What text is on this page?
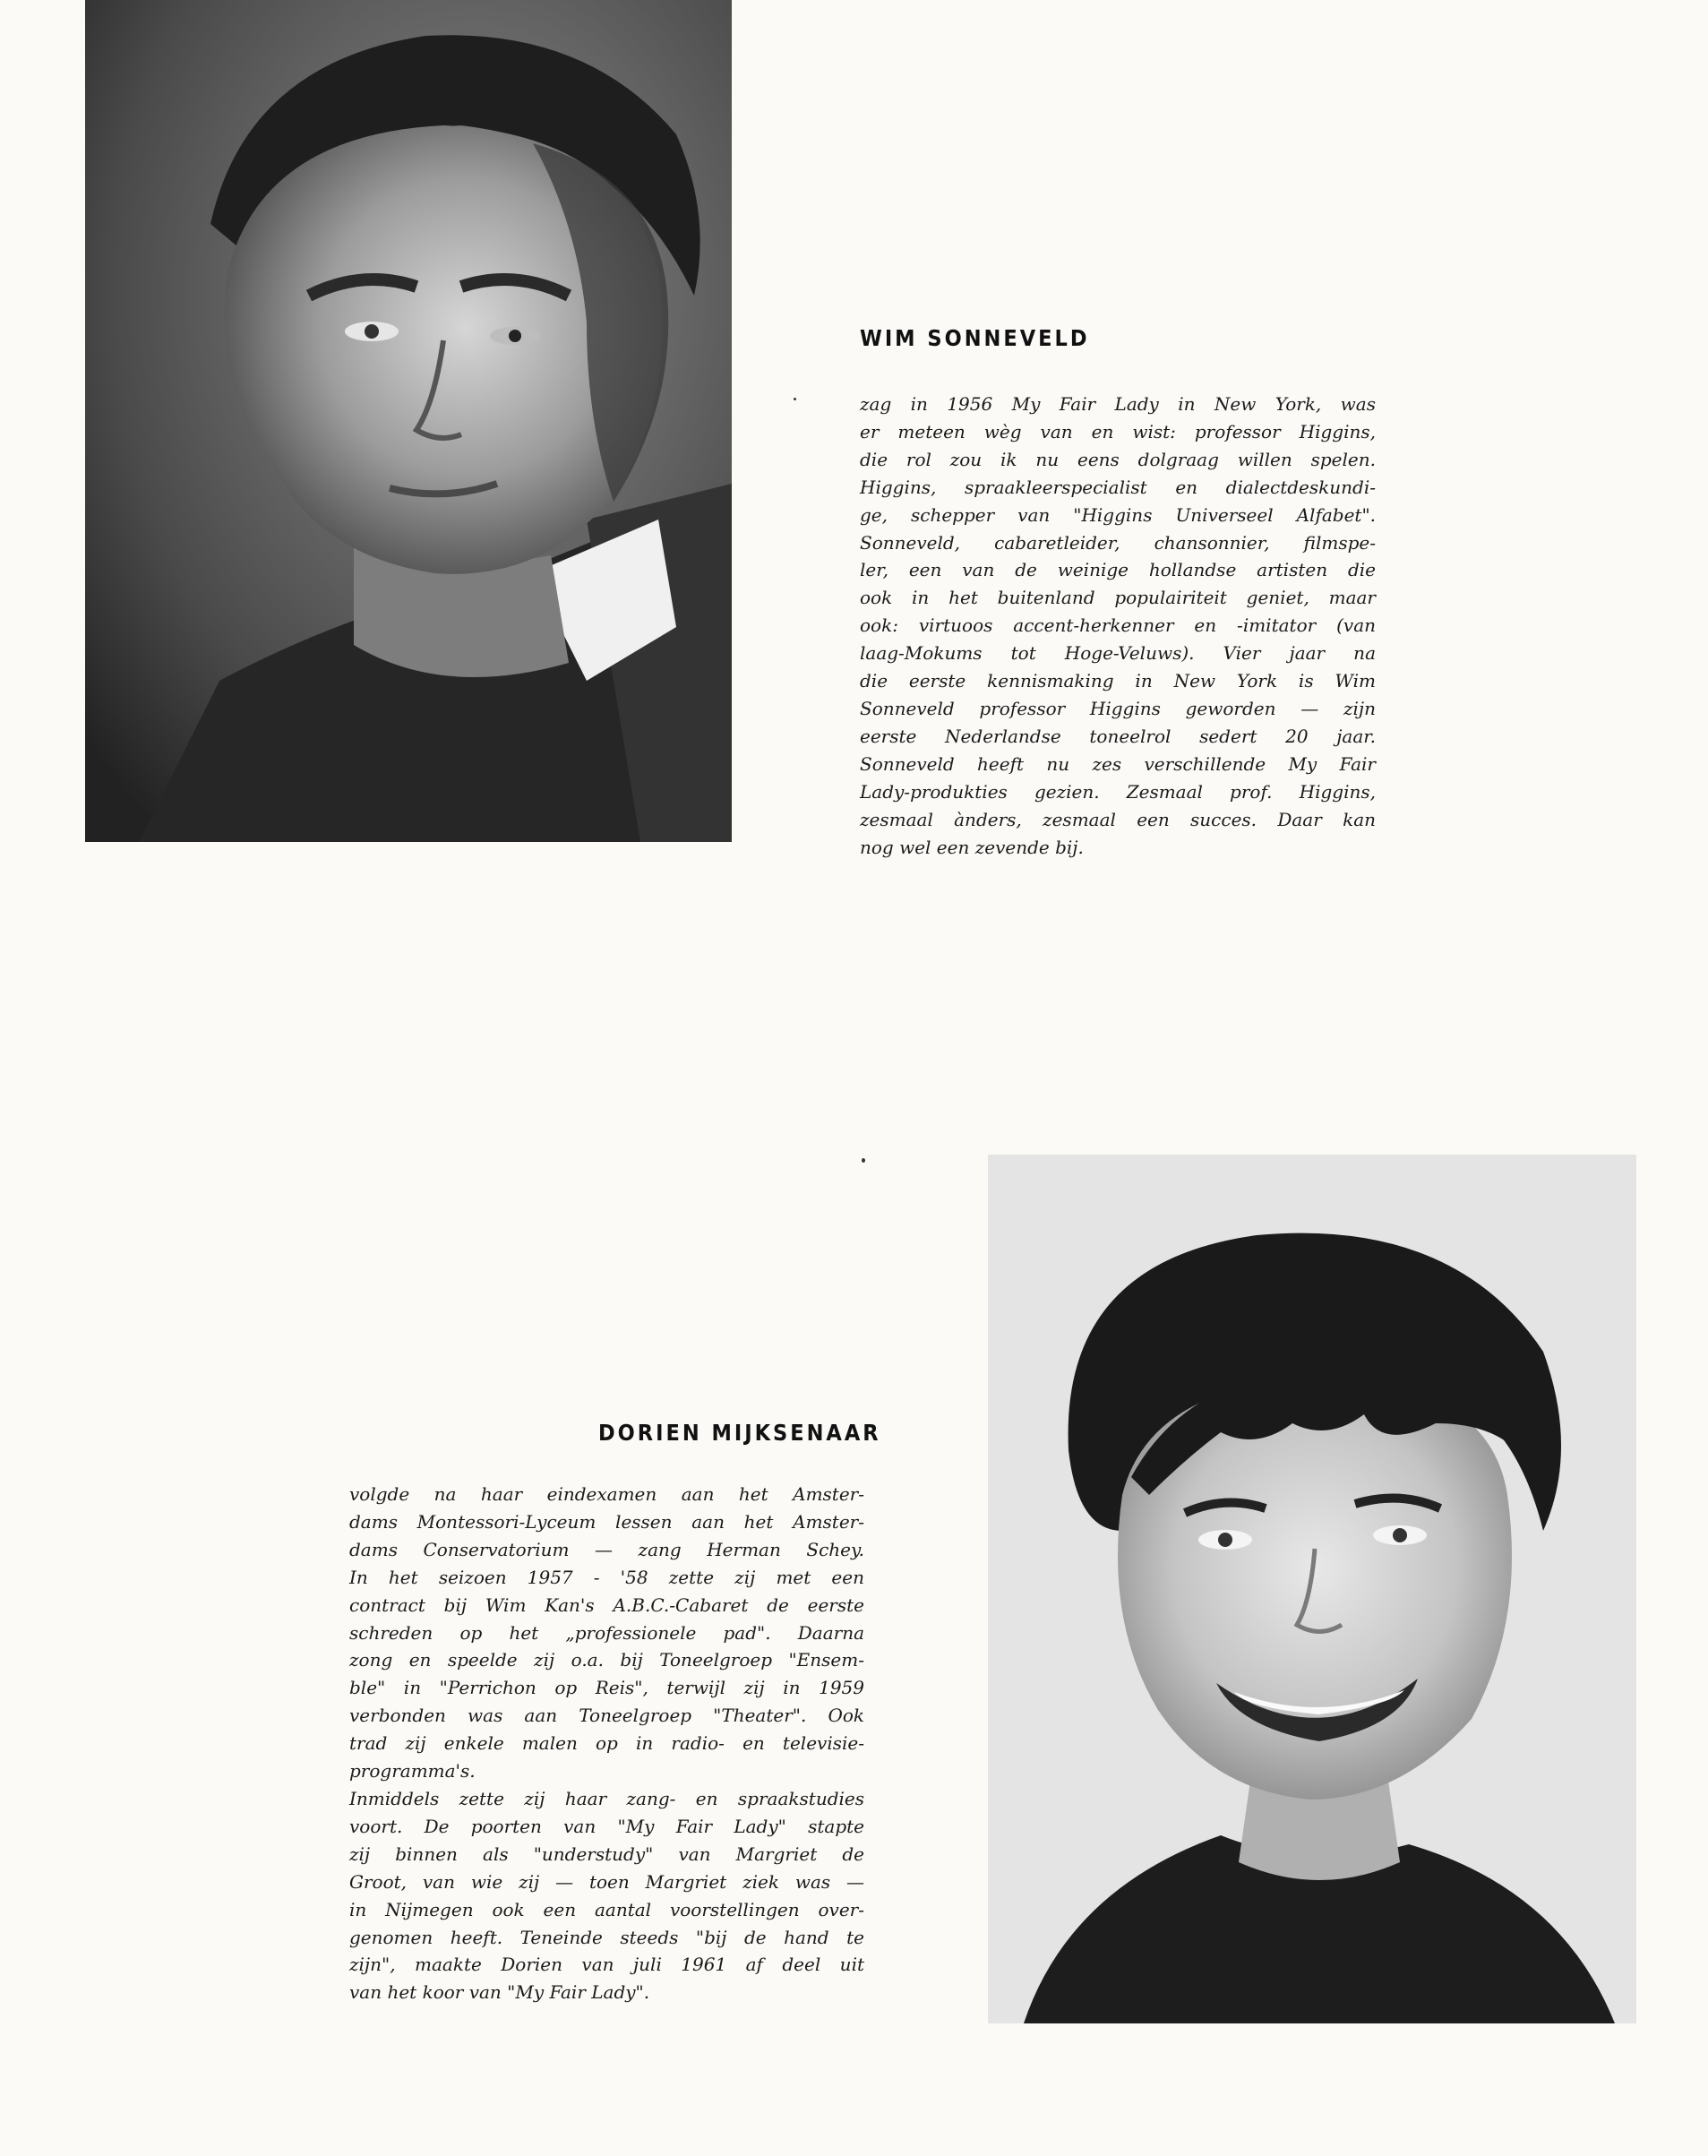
WIM SONNEVELD
zag in 1956 My Fair Lady in New York, was
er meteen wèg van en wist: professor Higgins,
die rol zou ik nu eens dolgraag willen spelen.
Higgins, spraakleerspecialist en dialectdeskundi-
ge, schepper van "Higgins Universeel Alfabet".
Sonneveld, cabaretleider, chansonnier, filmspe-
ler, een van de weinige hollandse artisten die
ook in het buitenland populairiteit geniet, maar
ook: virtuoos accent-herkenner en -imitator (van
laag-Mokums tot Hoge-Veluws). Vier jaar na
die eerste kennismaking in New York is Wim
Sonneveld professor Higgins geworden — zijn
eerste Nederlandse toneelrol sedert 20 jaar.
Sonneveld heeft nu zes verschillende My Fair
Lady-produkties gezien. Zesmaal prof. Higgins,
zesmaal ànders, zesmaal een succes. Daar kan
nog wel een zevende bij.
DORIEN MIJKSENAAR
volgde na haar eindexamen aan het Amster-
dams Montessori-Lyceum lessen aan het Amster-
dams Conservatorium — zang Herman Schey.
In het seizoen 1957 - '58 zette zij met een
contract bij Wim Kan's A.B.C.-Cabaret de eerste
schreden op het „professionele pad". Daarna
zong en speelde zij o.a. bij Toneelgroep "Ensem-
ble" in "Perrichon op Reis", terwijl zij in 1959
verbonden was aan Toneelgroep "Theater". Ook
trad zij enkele malen op in radio- en televisie-
programma's.
Inmiddels zette zij haar zang- en spraakstudies
voort. De poorten van "My Fair Lady" stapte
zij binnen als "understudy" van Margriet de
Groot, van wie zij — toen Margriet ziek was —
in Nijmegen ook een aantal voorstellingen over-
genomen heeft. Teneinde steeds "bij de hand te
zijn", maakte Dorien van juli 1961 af deel uit
van het koor van "My Fair Lady".
